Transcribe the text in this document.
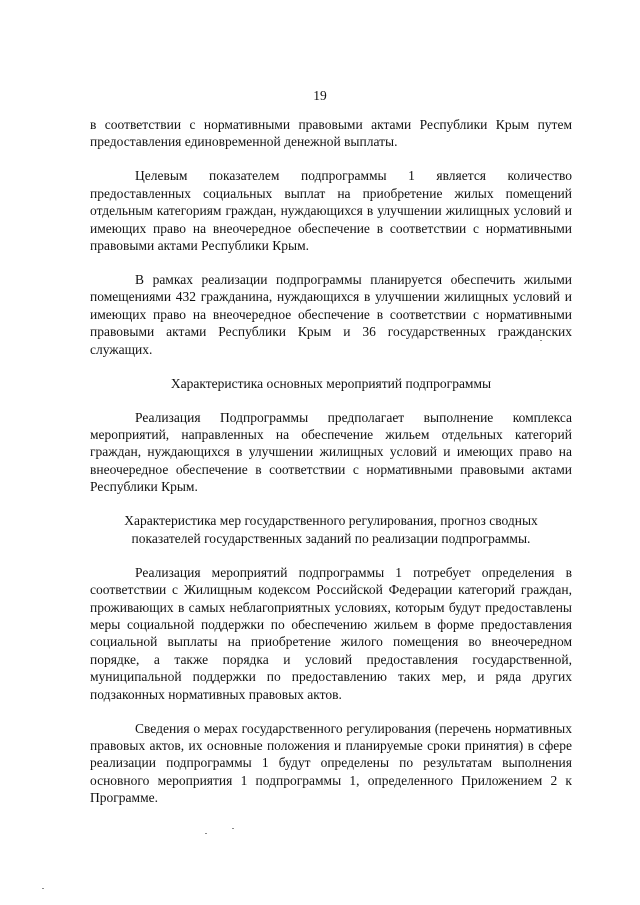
19

в соответствии с нормативными правовыми актами Республики Крым путем предоставления единовременной денежной выплаты.

Целевым показателем подпрограммы 1 является количество предоставленных социальных выплат на приобретение жилых помещений отдельным категориям граждан, нуждающихся в улучшении жилищных условий и имеющих право на внеочередное обеспечение в соответствии с нормативными правовыми актами Республики Крым.

В рамках реализации подпрограммы планируется обеспечить жилыми помещениями 432 гражданина, нуждающихся в улучшении жилищных условий и имеющих право на внеочередное обеспечение в соответствии с нормативными правовыми актами Республики Крым и 36 государственных гражданских служащих.

Характеристика основных мероприятий подпрограммы

Реализация Подпрограммы предполагает выполнение комплекса мероприятий, направленных на обеспечение жильем отдельных категорий граждан, нуждающихся в улучшении жилищных условий и имеющих право на внеочередное обеспечение в соответствии с нормативными правовыми актами Республики Крым.

Характеристика мер государственного регулирования, прогноз сводных показателей государственных заданий по реализации подпрограммы.

Реализация мероприятий подпрограммы 1 потребует определения в соответствии с Жилищным кодексом Российской Федерации категорий граждан, проживающих в самых неблагоприятных условиях, которым будут предоставлены меры социальной поддержки по обеспечению жильем в форме предоставления социальной выплаты на приобретение жилого помещения во внеочередном порядке, а также порядка и условий предоставления государственной, муниципальной поддержки по предоставлению таких мер, и ряда других подзаконных нормативных правовых актов.

Сведения о мерах государственного регулирования (перечень нормативных правовых актов, их основные положения и планируемые сроки принятия) в сфере реализации подпрограммы 1 будут определены по результатам выполнения основного мероприятия 1 подпрограммы 1, определенного Приложением 2 к Программе.
